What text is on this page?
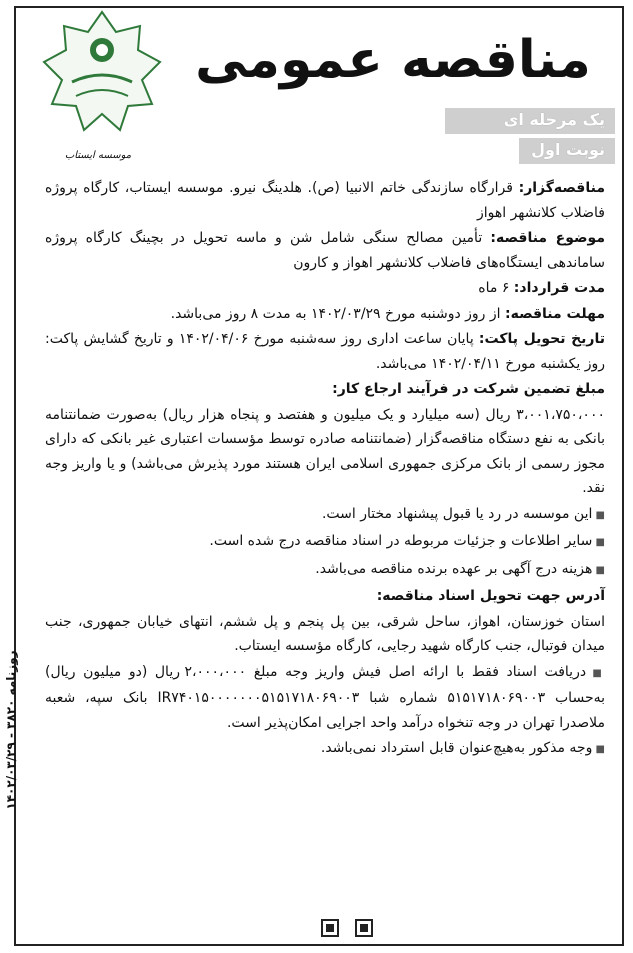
موسسه ایستاب
مناقصه عمومی
یک مرحله ای
نوبت اول

مناقصه‌گزار: قرارگاه سازندگی خاتم الانبیا (ص). هلدینگ نیرو. موسسه ایستاب، کارگاه پروژه فاضلاب کلانشهر اهواز

موضوع مناقصه: تأمین مصالح سنگی شامل شن و ماسه تحویل در بچینگ کارگاه پروژه ساماندهی ایستگاه‌های فاضلاب کلانشهر اهواز و کارون

مدت قرارداد: ۶ ماه

مهلت مناقصه: از روز دوشنبه مورخ ۱۴۰۲/۰۳/۲۹ به مدت ۸ روز می‌باشد.

تاریخ تحویل پاکت: پایان ساعت اداری روز سه‌شنبه مورخ ۱۴۰۲/۰۴/۰۶ و تاریخ گشایش پاکت: روز یکشنبه مورخ ۱۴۰۲/۰۴/۱۱ می‌باشد.

مبلغ تضمین شرکت در فرآیند ارجاع کار:

۳،۰۰۱،۷۵۰،۰۰۰ ریال (سه میلیارد و یک میلیون و هفتصد و پنجاه هزار ریال) به‌صورت ضمانتنامه بانکی به نفع دستگاه مناقصه‌گزار (ضمانتنامه صادره توسط مؤسسات اعتباری غیر بانکی که دارای مجوز رسمی از بانک مرکزی جمهوری اسلامی ایران هستند مورد پذیرش می‌باشد) و یا واریز وجه نقد.

■ این موسسه در رد یا قبول پیشنهاد مختار است.

■ سایر اطلاعات و جزئیات مربوطه در اسناد مناقصه درج شده است.

■ هزینه درج آگهی بر عهده برنده مناقصه می‌باشد.

آدرس جهت تحویل اسناد مناقصه:

استان خوزستان، اهواز، ساحل شرقی، بین پل پنجم و پل ششم، انتهای خیابان جمهوری، جنب میدان فوتبال، جنب کارگاه شهید رجایی، کارگاه مؤسسه ایستاب.

■ دریافت اسناد فقط با ارائه اصل فیش واریز وجه مبلغ ۲،۰۰۰،۰۰۰ ریال (دو میلیون ریال) به‌حساب ۵۱۵۱۷۱۸۰۶۹۰۰۳ شماره شبا IR۷۴۰۱۵۰۰۰۰۰۰۰۵۱۵۱۷۱۸۰۶۹۰۰۳ بانک سپه، شعبه ملاصدرا تهران در وجه تنخواه درآمد واحد اجرایی امکان‌پذیر است.

■ وجه مذکور به‌هیچ‌عنوان قابل استرداد نمی‌باشد.

روزنامه ۳۸۲۰ - ۱۴۰۲/۰۳/۲۹
